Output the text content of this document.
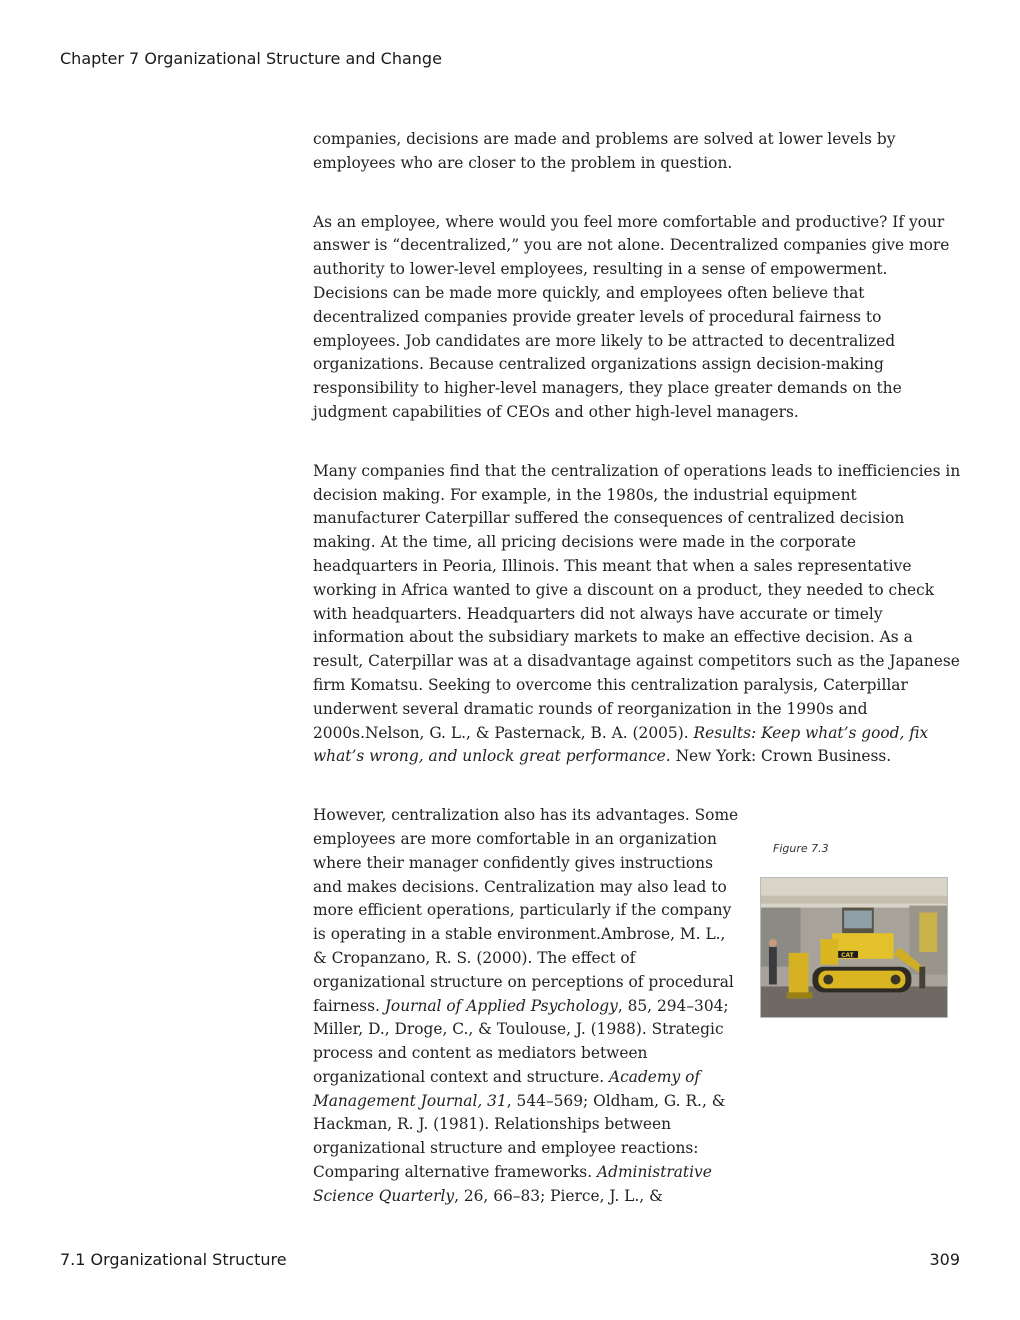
Chapter 7 Organizational Structure and Change

companies, decisions are made and problems are solved at lower levels by employees who are closer to the problem in question.

As an employee, where would you feel more comfortable and productive? If your answer is “decentralized,” you are not alone. Decentralized companies give more authority to lower-level employees, resulting in a sense of empowerment. Decisions can be made more quickly, and employees often believe that decentralized companies provide greater levels of procedural fairness to employees. Job candidates are more likely to be attracted to decentralized organizations. Because centralized organizations assign decision-making responsibility to higher-level managers, they place greater demands on the judgment capabilities of CEOs and other high-level managers.

Many companies find that the centralization of operations leads to inefficiencies in decision making. For example, in the 1980s, the industrial equipment manufacturer Caterpillar suffered the consequences of centralized decision making. At the time, all pricing decisions were made in the corporate headquarters in Peoria, Illinois. This meant that when a sales representative working in Africa wanted to give a discount on a product, they needed to check with headquarters. Headquarters did not always have accurate or timely information about the subsidiary markets to make an effective decision. As a result, Caterpillar was at a disadvantage against competitors such as the Japanese firm Komatsu. Seeking to overcome this centralization paralysis, Caterpillar underwent several dramatic rounds of reorganization in the 1990s and 2000s.Nelson, G. L., & Pasternack, B. A. (2005). Results: Keep what’s good, fix what’s wrong, and unlock great performance. New York: Crown Business.

However, centralization also has its advantages. Some employees are more comfortable in an organization where their manager confidently gives instructions and makes decisions. Centralization may also lead to more efficient operations, particularly if the company is operating in a stable environment.Ambrose, M. L., & Cropanzano, R. S. (2000). The effect of organizational structure on perceptions of procedural fairness. Journal of Applied Psychology, 85, 294–304; Miller, D., Droge, C., & Toulouse, J. (1988). Strategic process and content as mediators between organizational context and structure. Academy of Management Journal, 31, 544–569; Oldham, G. R., & Hackman, R. J. (1981). Relationships between organizational structure and employee reactions: Comparing alternative frameworks. Administrative Science Quarterly, 26, 66–83; Pierce, J. L., &

Figure 7.3
CAT
7.1 Organizational Structure	309
